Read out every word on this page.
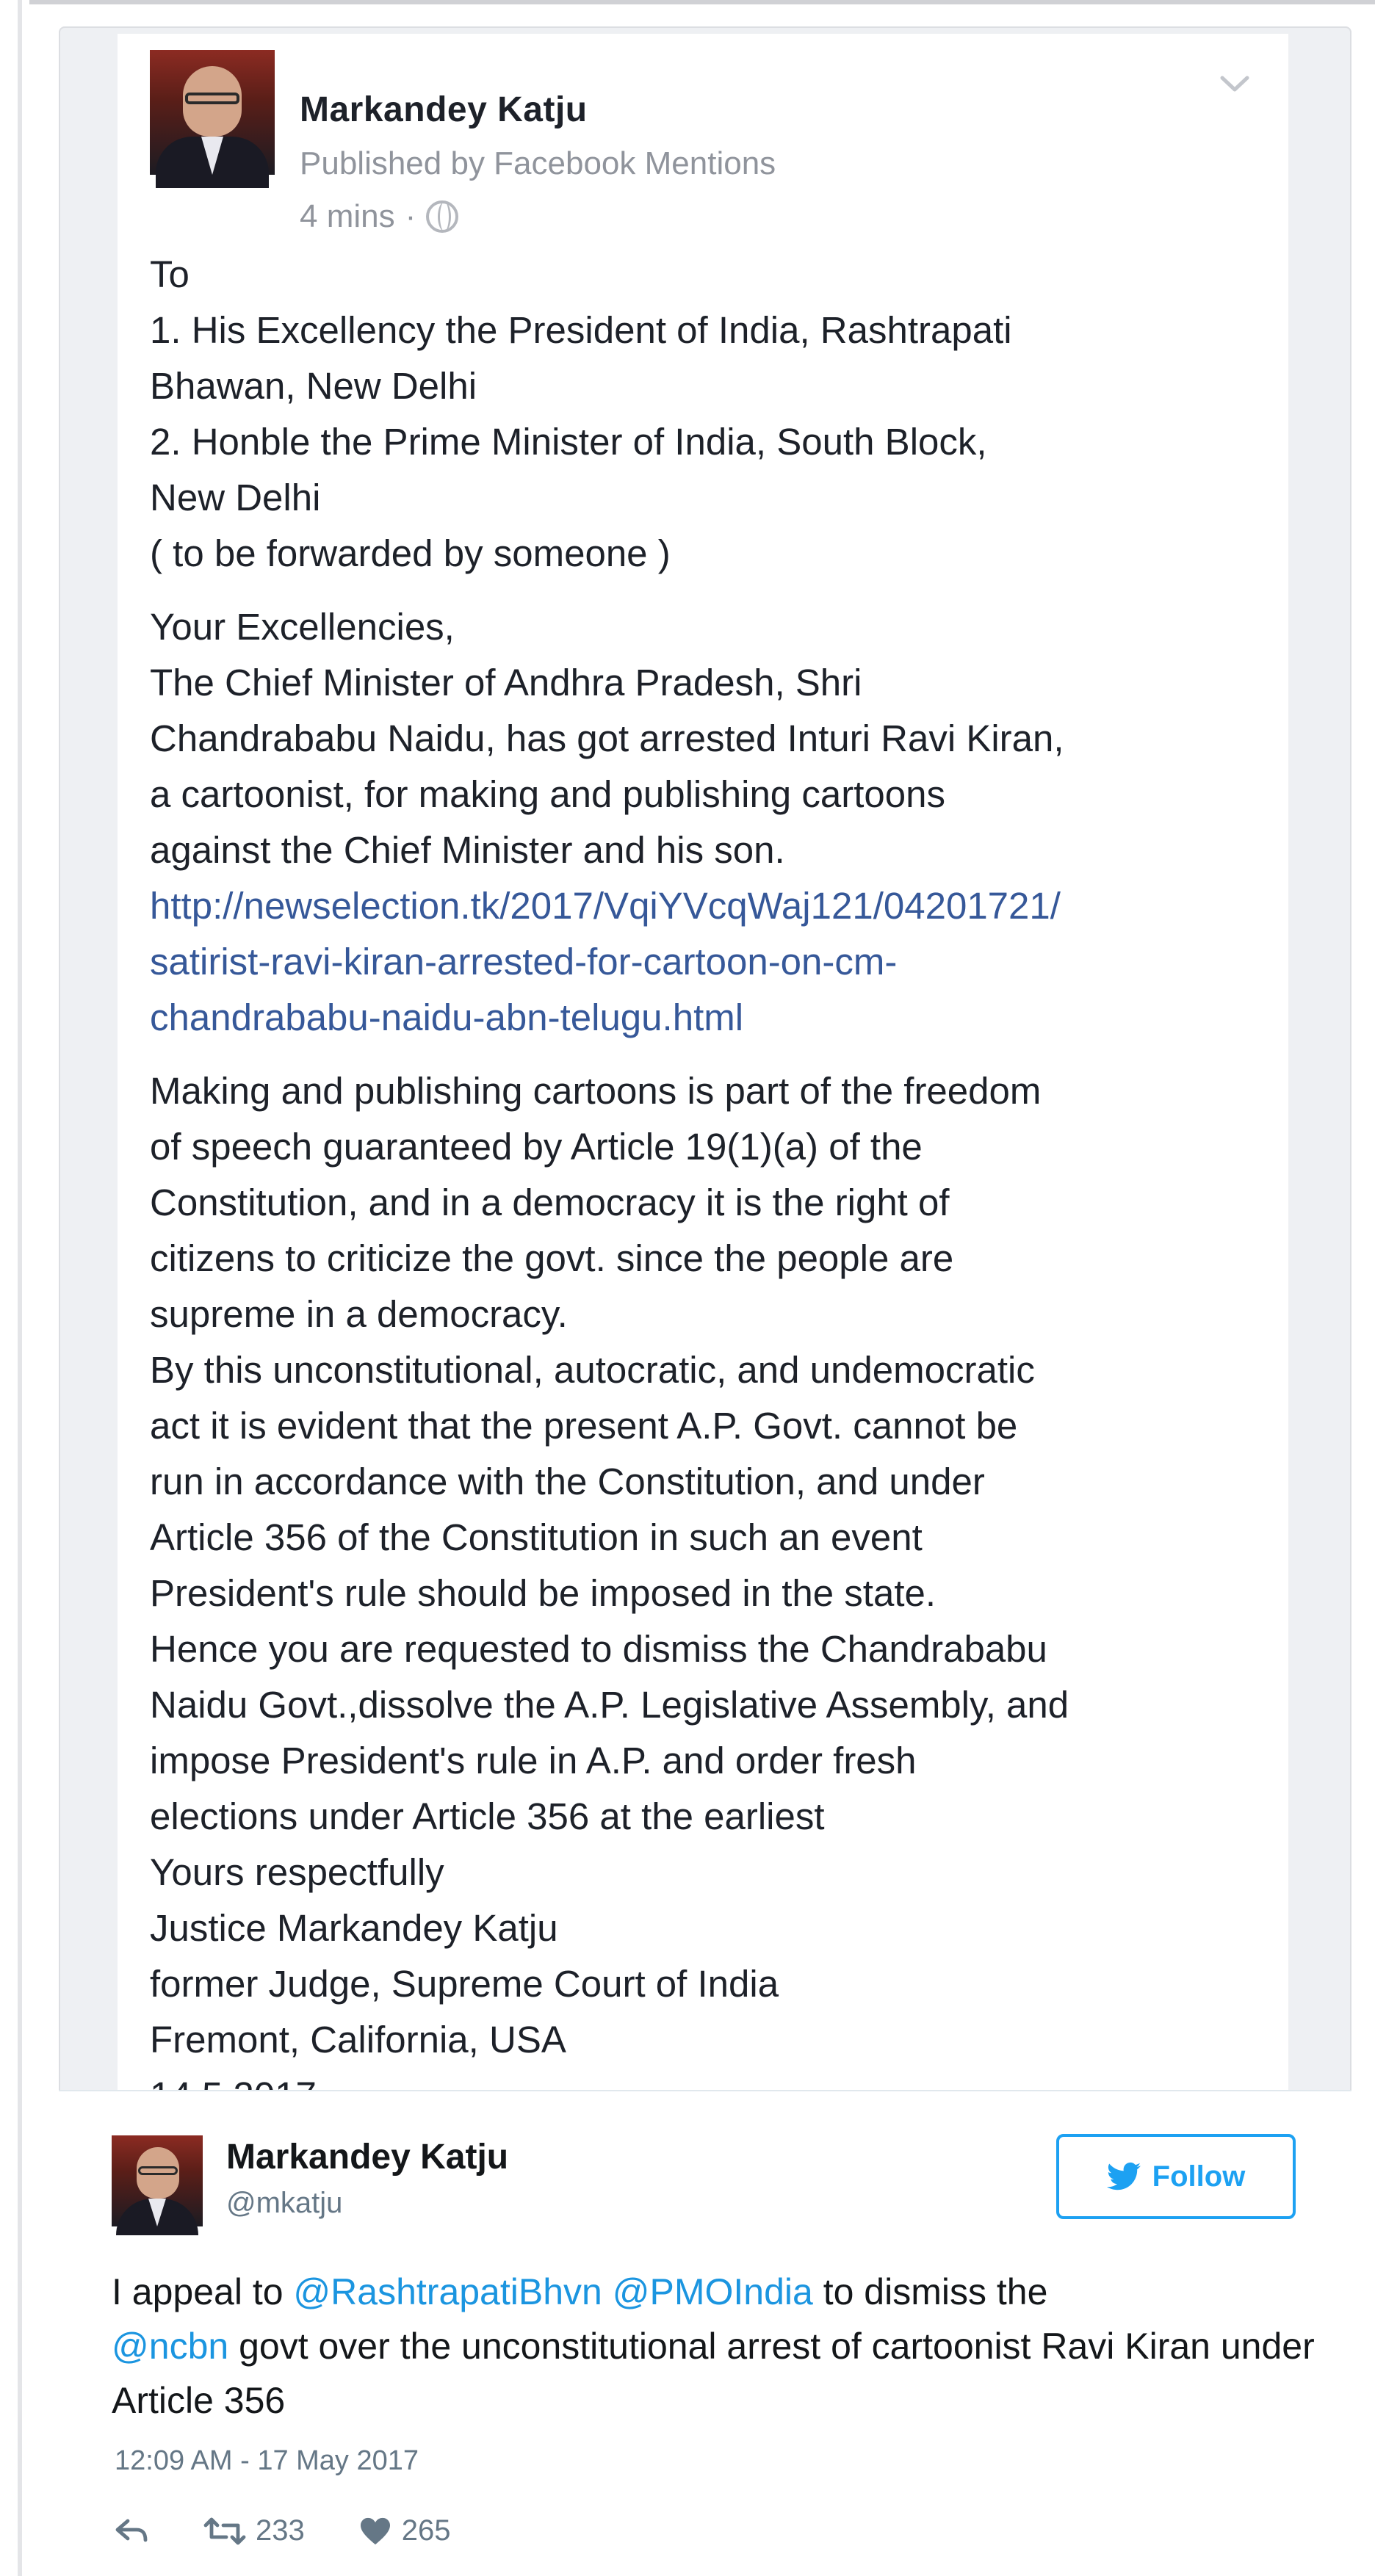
Markandey Katju
Published by Facebook Mentions
4 mins ·
To
1. His Excellency the President of India, Rashtrapati
Bhawan, New Delhi
2. Honble the Prime Minister of India, South Block,
New Delhi
( to be forwarded by someone )
Your Excellencies,
The Chief Minister of Andhra Pradesh, Shri
Chandrababu Naidu, has got arrested Inturi Ravi Kiran,
a cartoonist, for making and publishing cartoons
against the Chief Minister and his son.
http://newselection.tk/2017/VqiYVcqWaj121/04201721/
satirist-ravi-kiran-arrested-for-cartoon-on-cm-
chandrababu-naidu-abn-telugu.html
Making and publishing cartoons is part of the freedom
of speech guaranteed by Article 19(1)(a) of the
Constitution, and in a democracy it is the right of
citizens to criticize the govt. since the people are
supreme in a democracy.
By this unconstitutional, autocratic, and undemocratic
act it is evident that the present A.P. Govt. cannot be
run in accordance with the Constitution, and under
Article 356 of the Constitution in such an event
President's rule should be imposed in the state.
Hence you are requested to dismiss the Chandrababu
Naidu Govt.,dissolve the A.P. Legislative Assembly, and
impose President's rule in A.P. and order fresh
elections under Article 356 at the earliest
Yours respectfully
Justice Markandey Katju
former Judge, Supreme Court of India
Fremont, California, USA
Markandey Katju
@mkatju
Follow
I appeal to @RashtrapatiBhvn @PMOIndia to dismiss the
@ncbn govt over the unconstitutional arrest of cartoonist Ravi Kiran under Article 356
12:09 AM - 17 May 2017
233	265
